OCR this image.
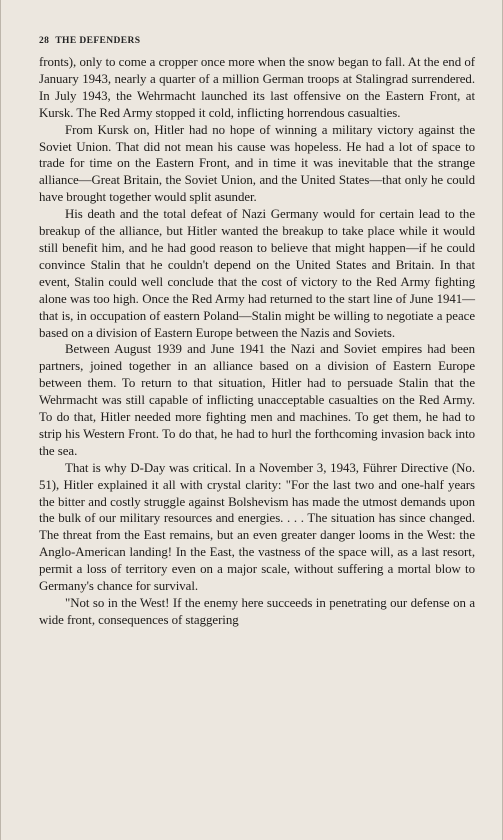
28 THE DEFENDERS

fronts), only to come a cropper once more when the snow began to fall. At the end of January 1943, nearly a quarter of a million German troops at Stalingrad surrendered. In July 1943, the Wehrmacht launched its last offensive on the Eastern Front, at Kursk. The Red Army stopped it cold, inflicting horrendous casualties.

From Kursk on, Hitler had no hope of winning a military victory against the Soviet Union. That did not mean his cause was hopeless. He had a lot of space to trade for time on the Eastern Front, and in time it was inevitable that the strange alliance—Great Britain, the Soviet Union, and the United States—that only he could have brought together would split asunder.

His death and the total defeat of Nazi Germany would for certain lead to the breakup of the alliance, but Hitler wanted the breakup to take place while it would still benefit him, and he had good reason to believe that might happen—if he could convince Stalin that he couldn't depend on the United States and Britain. In that event, Stalin could well conclude that the cost of victory to the Red Army fighting alone was too high. Once the Red Army had returned to the start line of June 1941—that is, in occupation of eastern Poland—Stalin might be willing to negotiate a peace based on a division of Eastern Europe between the Nazis and Soviets.

Between August 1939 and June 1941 the Nazi and Soviet empires had been partners, joined together in an alliance based on a division of Eastern Europe between them. To return to that situation, Hitler had to persuade Stalin that the Wehrmacht was still capable of inflicting unacceptable casualties on the Red Army. To do that, Hitler needed more fighting men and machines. To get them, he had to strip his Western Front. To do that, he had to hurl the forthcoming invasion back into the sea.

That is why D-Day was critical. In a November 3, 1943, Führer Directive (No. 51), Hitler explained it all with crystal clarity: "For the last two and one-half years the bitter and costly struggle against Bolshevism has made the utmost demands upon the bulk of our military resources and energies. . . . The situation has since changed. The threat from the East remains, but an even greater danger looms in the West: the Anglo-American landing! In the East, the vastness of the space will, as a last resort, permit a loss of territory even on a major scale, without suffering a mortal blow to Germany's chance for survival.

"Not so in the West! If the enemy here succeeds in penetrating our defense on a wide front, consequences of staggering
